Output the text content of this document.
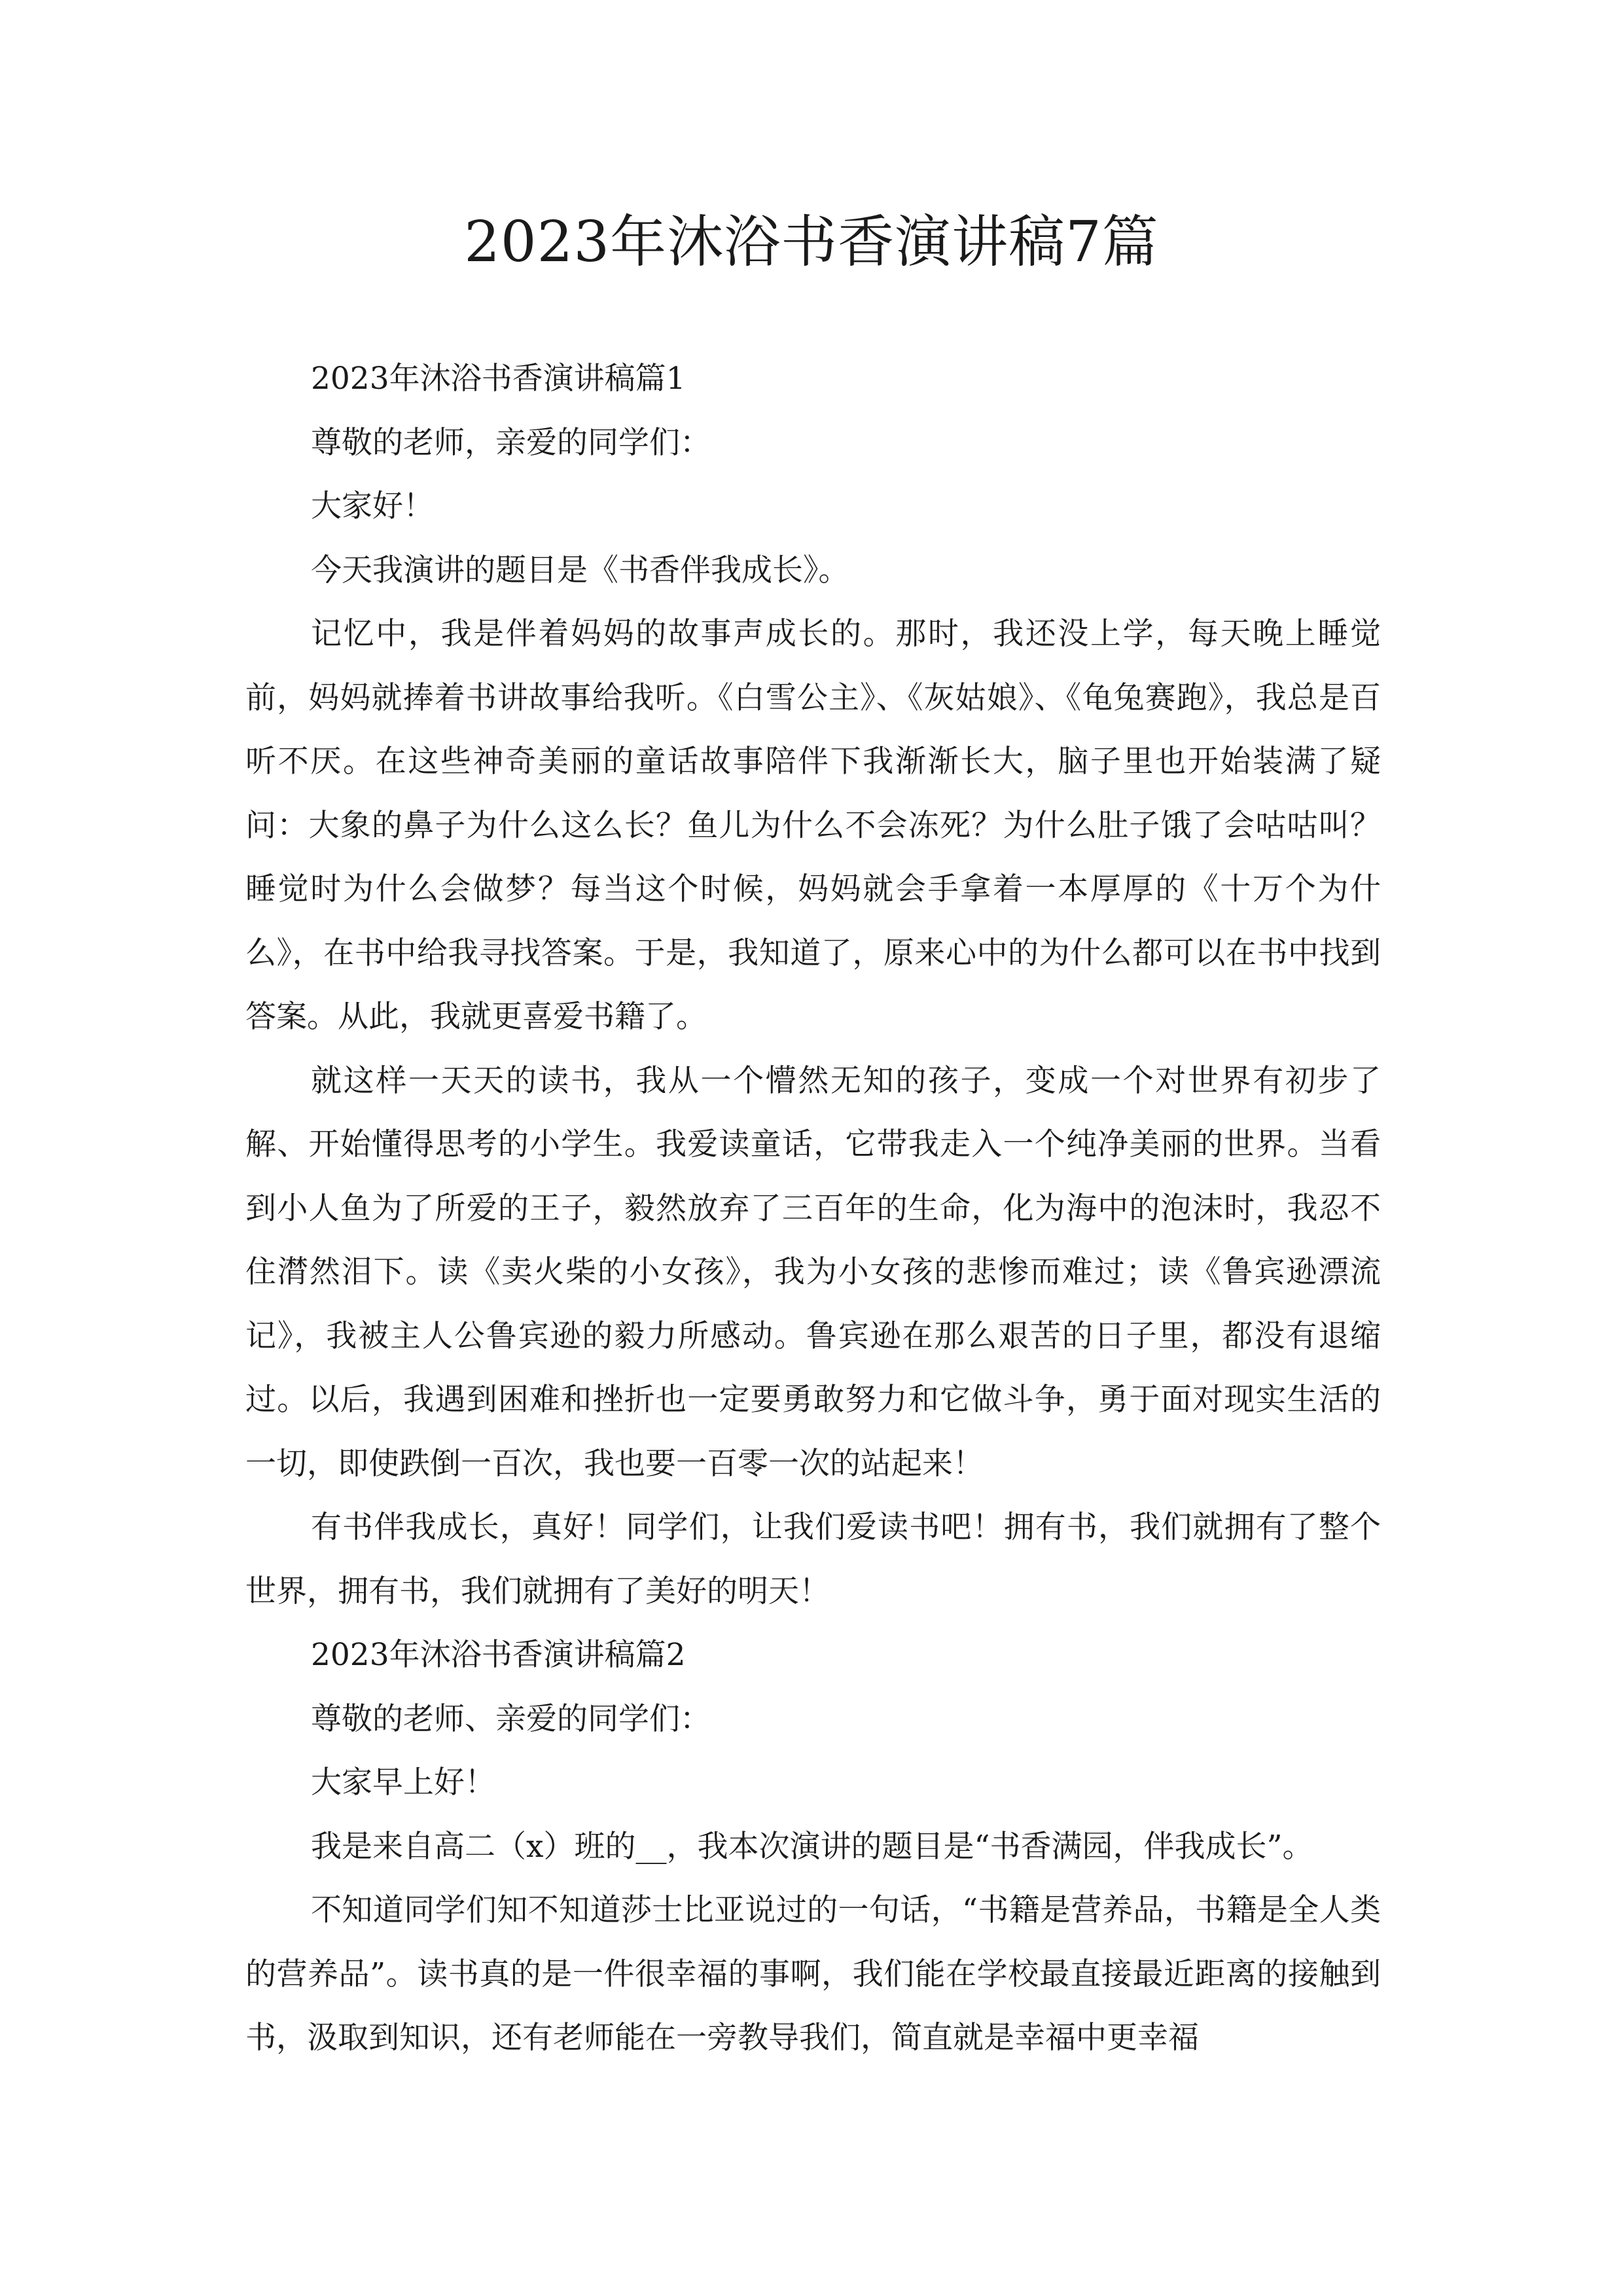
2023年沐浴书香演讲稿7篇

2023年沐浴书香演讲稿篇1

尊敬的老师，亲爱的同学们：

大家好！

今天我演讲的题目是《书香伴我成长》。

记忆中，我是伴着妈妈的故事声成长的。那时，我还没上学，每天晚上睡觉前，妈妈就捧着书讲故事给我听。《白雪公主》、《灰姑娘》、《龟兔赛跑》，我总是百听不厌。在这些神奇美丽的童话故事陪伴下我渐渐长大，脑子里也开始装满了疑问：大象的鼻子为什么这么长？鱼儿为什么不会冻死？为什么肚子饿了会咕咕叫？睡觉时为什么会做梦？每当这个时候，妈妈就会手拿着一本厚厚的《十万个为什么》，在书中给我寻找答案。于是，我知道了，原来心中的为什么都可以在书中找到答案。从此，我就更喜爱书籍了。

就这样一天天的读书，我从一个懵然无知的孩子，变成一个对世界有初步了解、开始懂得思考的小学生。我爱读童话，它带我走入一个纯净美丽的世界。当看到小人鱼为了所爱的王子，毅然放弃了三百年的生命，化为海中的泡沫时，我忍不住潸然泪下。读《卖火柴的小女孩》，我为小女孩的悲惨而难过；读《鲁宾逊漂流记》，我被主人公鲁宾逊的毅力所感动。鲁宾逊在那么艰苦的日子里，都没有退缩过。以后，我遇到困难和挫折也一定要勇敢努力和它做斗争，勇于面对现实生活的一切，即使跌倒一百次，我也要一百零一次的站起来！

有书伴我成长，真好！同学们，让我们爱读书吧！拥有书，我们就拥有了整个世界，拥有书，我们就拥有了美好的明天！

2023年沐浴书香演讲稿篇2

尊敬的老师、亲爱的同学们：

大家早上好！

我是来自高二（x）班的__，我本次演讲的题目是“书香满园，伴我成长”。

不知道同学们知不知道莎士比亚说过的一句话，“书籍是营养品，书籍是全人类的营养品”。读书真的是一件很幸福的事啊，我们能在学校最直接最近距离的接触到书，汲取到知识，还有老师能在一旁教导我们，简直就是幸福中更幸福
